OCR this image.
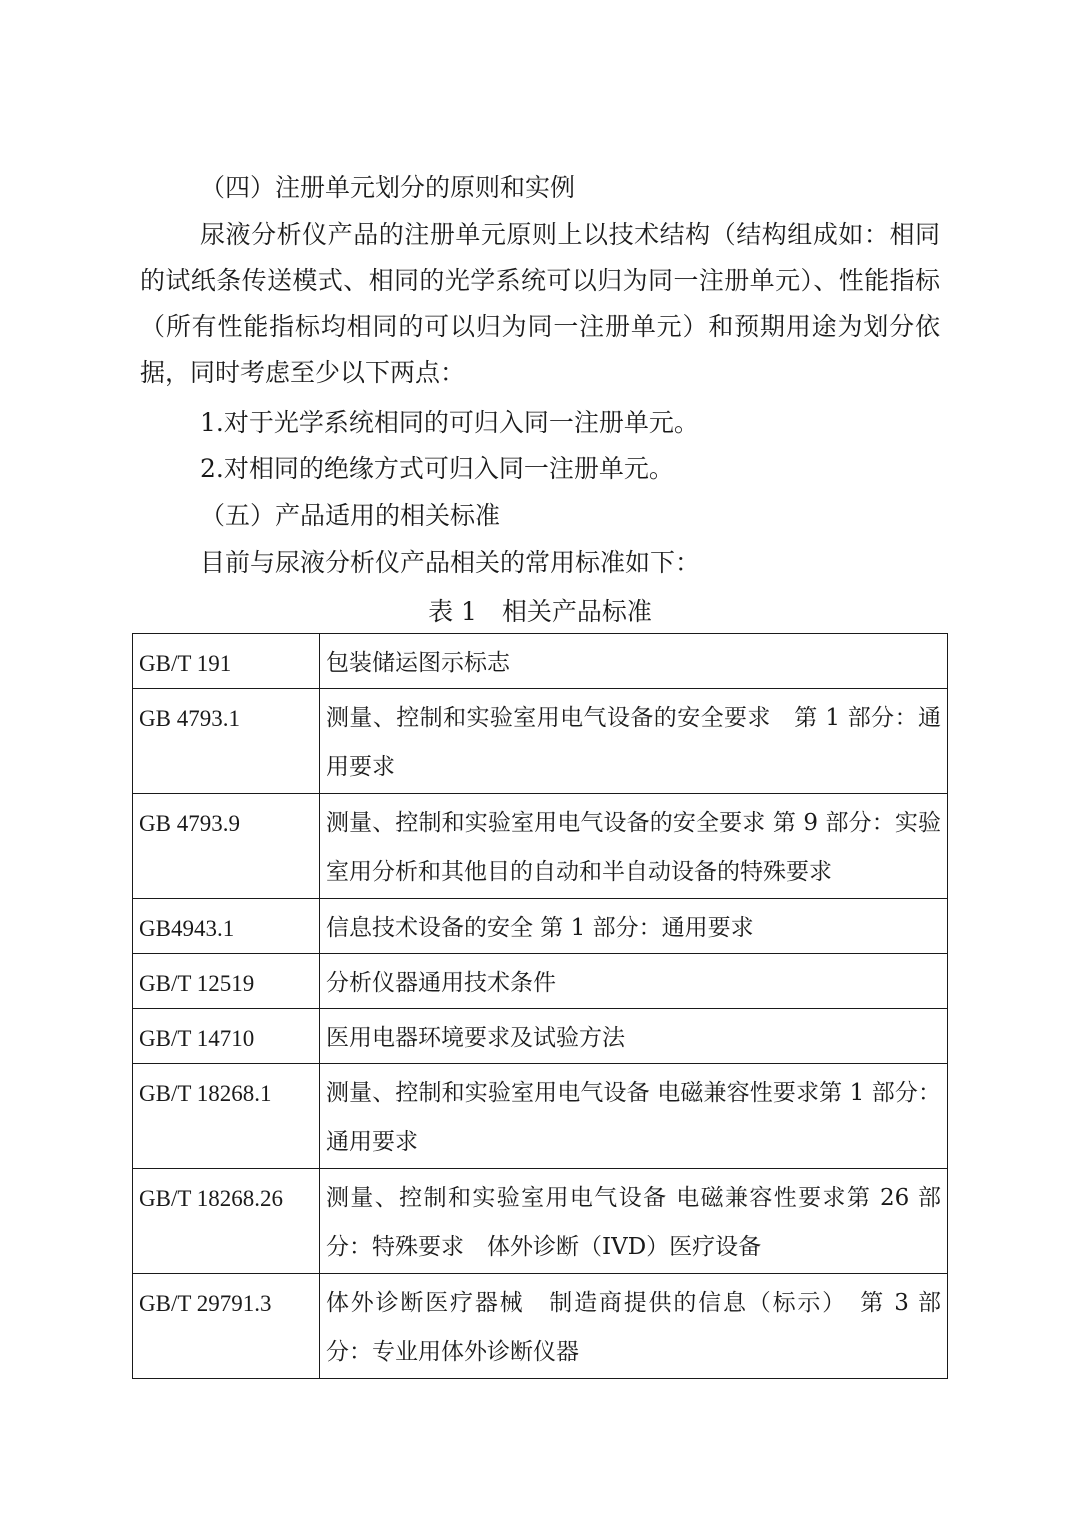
（四）注册单元划分的原则和实例

尿液分析仪产品的注册单元原则上以技术结构（结构组成如：相同的试纸条传送模式、相同的光学系统可以归为同一注册单元）、性能指标（所有性能指标均相同的可以归为同一注册单元）和预期用途为划分依据，同时考虑至少以下两点：

1.对于光学系统相同的可归入同一注册单元。

2.对相同的绝缘方式可归入同一注册单元。

（五）产品适用的相关标准

目前与尿液分析仪产品相关的常用标准如下：

表 1　相关产品标准

GB/T 191	包装储运图示标志
GB 4793.1	测量、控制和实验室用电气设备的安全要求　第 1 部分：通用要求
GB 4793.9	测量、控制和实验室用电气设备的安全要求 第 9 部分：实验室用分析和其他目的自动和半自动设备的特殊要求
GB4943.1	信息技术设备的安全 第 1 部分：通用要求
GB/T 12519	分析仪器通用技术条件
GB/T 14710	医用电器环境要求及试验方法
GB/T 18268.1	测量、控制和实验室用电气设备 电磁兼容性要求第 1 部分：通用要求
GB/T 18268.26	测量、控制和实验室用电气设备 电磁兼容性要求第 26 部分：特殊要求　体外诊断（IVD）医疗设备
GB/T 29791.3	体外诊断医疗器械　制造商提供的信息（标示）　第 3 部分：专业用体外诊断仪器
